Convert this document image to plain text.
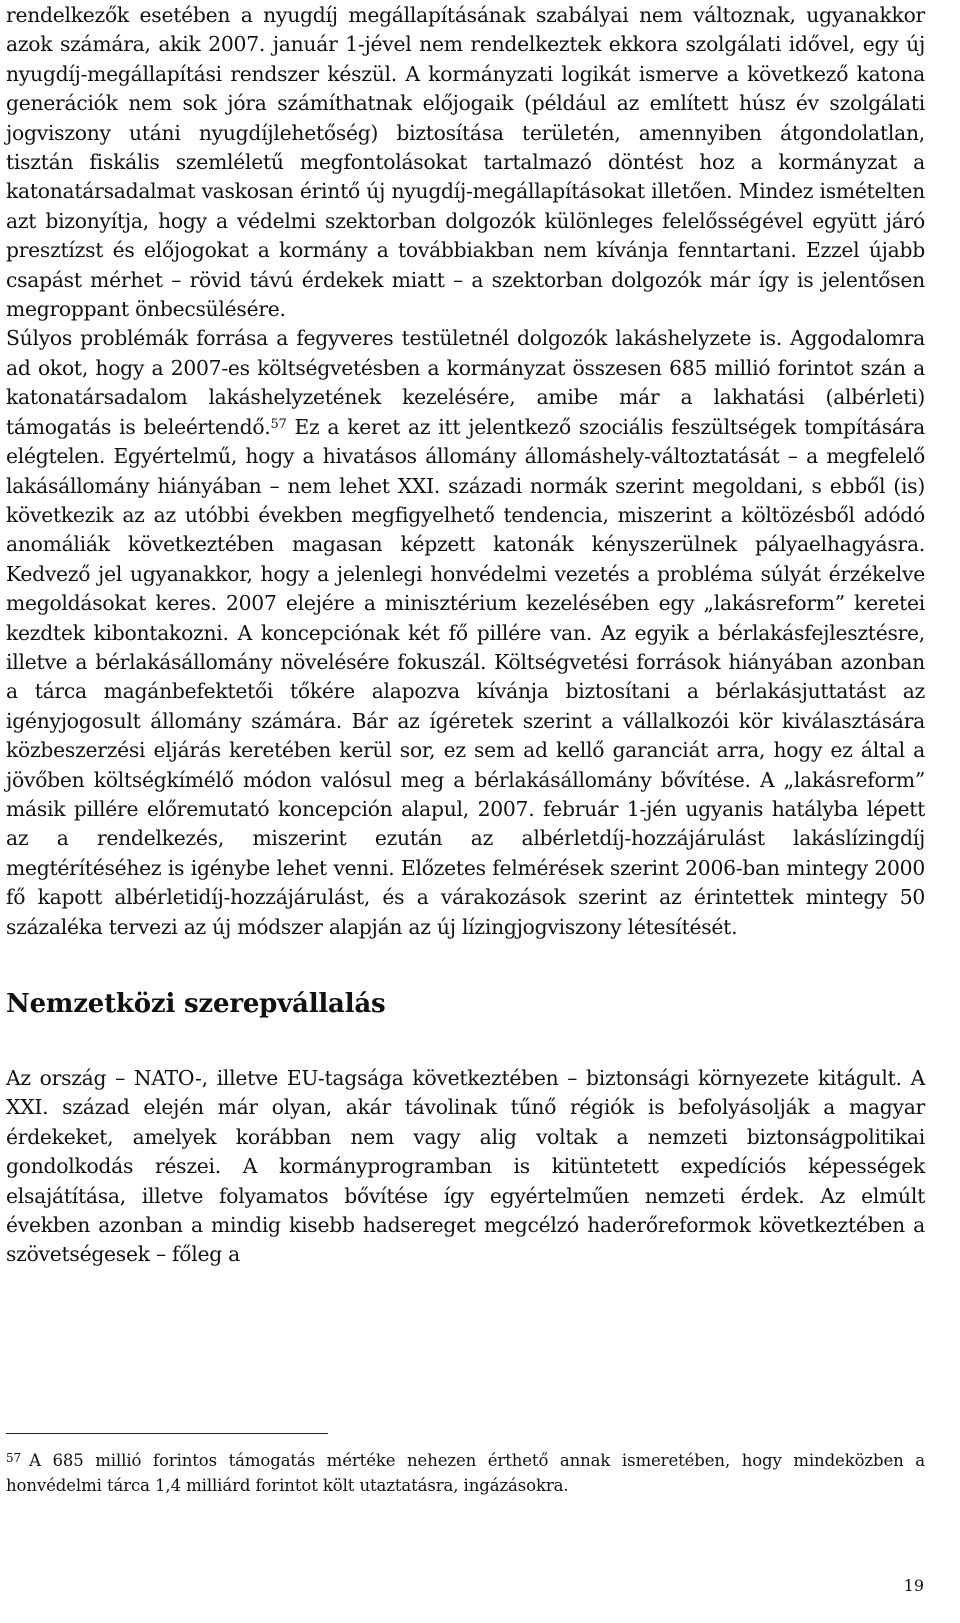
rendelkezők esetében a nyugdíj megállapításának szabályai nem változnak, ugyanakkor azok számára, akik 2007. január 1-jével nem rendelkeztek ekkora szolgálati idővel, egy új nyugdíj-megállapítási rendszer készül. A kormányzati logikát ismerve a következő katona generációk nem sok jóra számíthatnak előjogaik (például az említett húsz év szolgálati jogviszony utáni nyugdíjlehetőség) biztosítása területén, amennyiben átgondolatlan, tisztán fiskális szemléletű megfontolásokat tartalmazó döntést hoz a kormányzat a katonatársadalmat vaskosan érintő új nyugdíj-megállapításokat illetően. Mindez ismételten azt bizonyítja, hogy a védelmi szektorban dolgozók különleges felelősségével együtt járó presztízst és előjogokat a kormány a továbbiakban nem kívánja fenntartani. Ezzel újabb csapást mérhet – rövid távú érdekek miatt – a szektorban dolgozók már így is jelentősen megroppant önbecsülésére.

Súlyos problémák forrása a fegyveres testületnél dolgozók lakáshelyzete is. Aggodalomra ad okot, hogy a 2007-es költségvetésben a kormányzat összesen 685 millió forintot szán a katonatársadalom lakáshelyzetének kezelésére, amibe már a lakhatási (albérleti) támogatás is beleértendő.$^{57}$ Ez a keret az itt jelentkező szociális feszültségek tompítására elégtelen. Egyértelmű, hogy a hivatásos állomány állomáshely-változtatását – a megfelelő lakásállomány hiányában – nem lehet XXI. századi normák szerint megoldani, s ebből (is) következik az az utóbbi években megfigyelhető tendencia, miszerint a költözésből adódó anomáliák következtében magasan képzett katonák kényszerülnek pályaelhagyásra. Kedvező jel ugyanakkor, hogy a jelenlegi honvédelmi vezetés a probléma súlyát érzékelve megoldásokat keres. 2007 elejére a minisztérium kezelésében egy „lakásreform” keretei kezdtek kibontakozni. A koncepciónak két fő pillére van. Az egyik a bérlakásfejlesztésre, illetve a bérlakásállomány növelésére fokuszál. Költségvetési források hiányában azonban a tárca magánbefektetői tőkére alapozva kívánja biztosítani a bérlakásjuttatást az igényjogosult állomány számára. Bár az ígéretek szerint a vállalkozói kör kiválasztására közbeszerzési eljárás keretében kerül sor, ez sem ad kellő garanciát arra, hogy ez által a jövőben költségkímélő módon valósul meg a bérlakásállomány bővítése. A „lakásreform” másik pillére előremutató koncepción alapul, 2007. február 1-jén ugyanis hatályba lépett az a rendelkezés, miszerint ezután az albérletdíj-hozzájárulást lakáslízingdíj megtérítéséhez is igénybe lehet venni. Előzetes felmérések szerint 2006-ban mintegy 2000 fő kapott albérletidíj-hozzájárulást, és a várakozások szerint az érintettek mintegy 50 százaléka tervezi az új módszer alapján az új lízingjogviszony létesítését.

Nemzetközi szerepvállalás

Az ország – NATO-, illetve EU-tagsága következtében – biztonsági környezete kitágult. A XXI. század elején már olyan, akár távolinak tűnő régiók is befolyásolják a magyar érdekeket, amelyek korábban nem vagy alig voltak a nemzeti biztonságpolitikai gondolkodás részei. A kormányprogramban is kitüntetett expedíciós képességek elsajátítása, illetve folyamatos bővítése így egyértelműen nemzeti érdek. Az elmúlt években azonban a mindig kisebb hadsereget megcélzó haderőreformok következtében a szövetségesek – főleg a

$^{57}$ A 685 millió forintos támogatás mértéke nehezen érthető annak ismeretében, hogy mindeközben a honvédelmi tárca 1,4 milliárd forintot költ utaztatásra, ingázásokra.

19
